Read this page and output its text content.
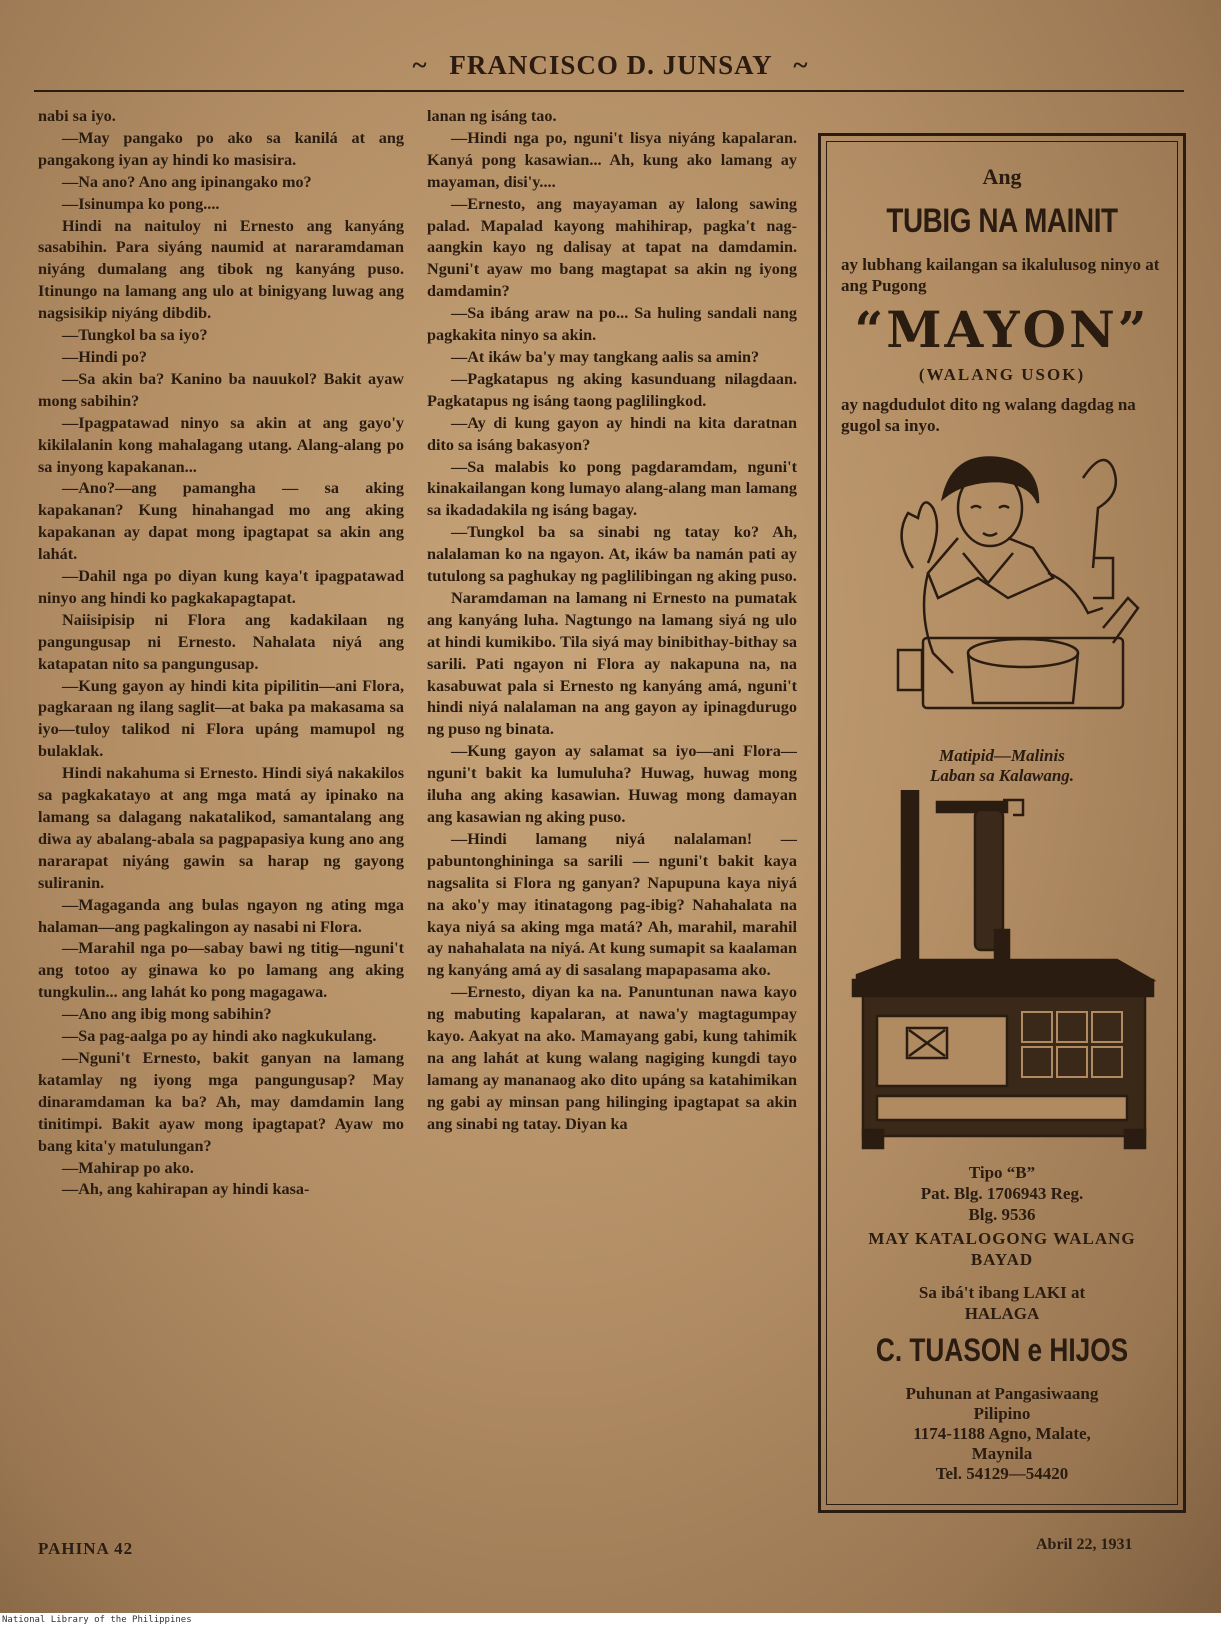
~ FRANCISCO D. JUNSAY ~

nabi sa iyo.

—May pangako po ako sa kanilá at ang pangakong iyan ay hindi ko masisira.

—Na ano? Ano ang ipinangako mo?

—Isinumpa ko pong....

Hindi na naituloy ni Ernesto ang kanyáng sasabihin. Para siyáng naumid at nararamdaman niyáng dumalang ang tibok ng kanyáng puso. Itinungo na lamang ang ulo at binigyang luwag ang nagsisikip niyáng dibdib.

—Tungkol ba sa iyo?

—Hindi po?

—Sa akin ba? Kanino ba nauukol? Bakit ayaw mong sabihin?

—Ipagpatawad ninyo sa akin at ang gayo'y kikilalanin kong mahalagang utang. Alang-alang po sa inyong kapakanan...

—Ano?—ang pamangha — sa aking kapakanan? Kung hinahangad mo ang aking kapakanan ay dapat mong ipagtapat sa akin ang lahát.

—Dahil nga po diyan kung kaya't ipagpatawad ninyo ang hindi ko pagkakapagtapat.

Naiisipisip ni Flora ang kadakilaan ng pangungusap ni Ernesto. Nahalata niyá ang katapatan nito sa pangungusap.

—Kung gayon ay hindi kita pipilitin—ani Flora, pagkaraan ng ilang saglit—at baka pa makasama sa iyo—tuloy talikod ni Flora upáng mamupol ng bulaklak.

Hindi nakahuma si Ernesto. Hindi siyá nakakilos sa pagkakatayo at ang mga matá ay ipinako na lamang sa dalagang nakatalikod, samantalang ang diwa ay abalang-abala sa pagpapasiya kung ano ang nararapat niyáng gawin sa harap ng gayong suliranin.

—Magaganda ang bulas ngayon ng ating mga halaman—ang pagkalingon ay nasabi ni Flora.

—Marahil nga po—sabay bawi ng titig—nguni't ang totoo ay ginawa ko po lamang ang aking tungkulin... ang lahát ko pong magagawa.

—Ano ang ibig mong sabihin?

—Sa pag-aalga po ay hindi ako nagkukulang.

—Nguni't Ernesto, bakit ganyan na lamang katamlay ng iyong mga pangungusap? May dinaramdaman ka ba? Ah, may damdamin lang tinitimpi. Bakit ayaw mong ipagtapat? Ayaw mo bang kita'y matulungan?

—Mahirap po ako.

—Ah, ang kahirapan ay hindi kasa-

lanan ng isáng tao.

—Hindi nga po, nguni't lisya niyáng kapalaran. Kanyá pong kasawian... Ah, kung ako lamang ay mayaman, disi'y....

—Ernesto, ang mayayaman ay lalong sawing palad. Mapalad kayong mahihirap, pagka't nag-aangkin kayo ng dalisay at tapat na damdamin. Nguni't ayaw mo bang magtapat sa akin ng iyong damdamin?

—Sa ibáng araw na po... Sa huling sandali nang pagkakita ninyo sa akin.

—At ikáw ba'y may tangkang aalis sa amin?

—Pagkatapus ng aking kasunduang nilagdaan. Pagkatapus ng isáng taong paglilingkod.

—Ay di kung gayon ay hindi na kita daratnan dito sa isáng bakasyon?

—Sa malabis ko pong pagdaramdam, nguni't kinakailangan kong lumayo alang-alang man lamang sa ikadadakila ng isáng bagay.

—Tungkol ba sa sinabi ng tatay ko? Ah, nalalaman ko na ngayon. At, ikáw ba namán pati ay tutulong sa paghukay ng paglilibingan ng aking puso.

Naramdaman na lamang ni Ernesto na pumatak ang kanyáng luha. Nagtungo na lamang siyá ng ulo at hindi kumikibo. Tila siyá may binibithay-bithay sa sarili. Pati ngayon ni Flora ay nakapuna na, na kasabuwat pala si Ernesto ng kanyáng amá, nguni't hindi niyá nalalaman na ang gayon ay ipinagdurugo ng puso ng binata.

—Kung gayon ay salamat sa iyo—ani Flora—nguni't bakit ka lumuluha? Huwag, huwag mong iluha ang aking kasawian. Huwag mong damayan ang kasawian ng aking puso.

—Hindi lamang niyá nalalaman! —pabuntonghininga sa sarili — nguni't bakit kaya nagsalita si Flora ng ganyan? Napupuna kaya niyá na ako'y may itinatagong pag-ibig? Nahahalata na kaya niyá sa aking mga matá? Ah, marahil, marahil ay nahahalata na niyá. At kung sumapit sa kaalaman ng kanyáng amá ay di sasalang mapapasama ako.

—Ernesto, diyan ka na. Panuntunan nawa kayo ng mabuting kapalaran, at nawa'y magtagumpay kayo. Aakyat na ako. Mamayang gabi, kung tahimik na ang lahát at kung walang nagiging kungdi tayo lamang ay mananaog ako dito upáng sa katahimikan ng gabi ay minsan pang hilinging ipagtapat sa akin ang sinabi ng tatay. Diyan ka

Ang
TUBIG NA MAINIT
ay lubhang kailangan sa ikalulusog ninyo at ang Pugong
“MAYON”
(WALANG USOK)
ay nagdudulot dito ng walang dagdag na gugol sa inyo.
Matipid—Malinis
Laban sa Kalawang.
Tipo “B”
Pat. Blg. 1706943 Reg.
Blg. 9536
MAY KATALOGONG WALANG
BAYAD
Sa ibá't ibang LAKI at
HALAGA
C. TUASON e HIJOS
Puhunan at Pangasiwaang
Pilipino
1174-1188 Agno, Malate,
Maynila
Tel. 54129—54420
PAHINA 42	Abril 22, 1931
National Library of the Philippines
